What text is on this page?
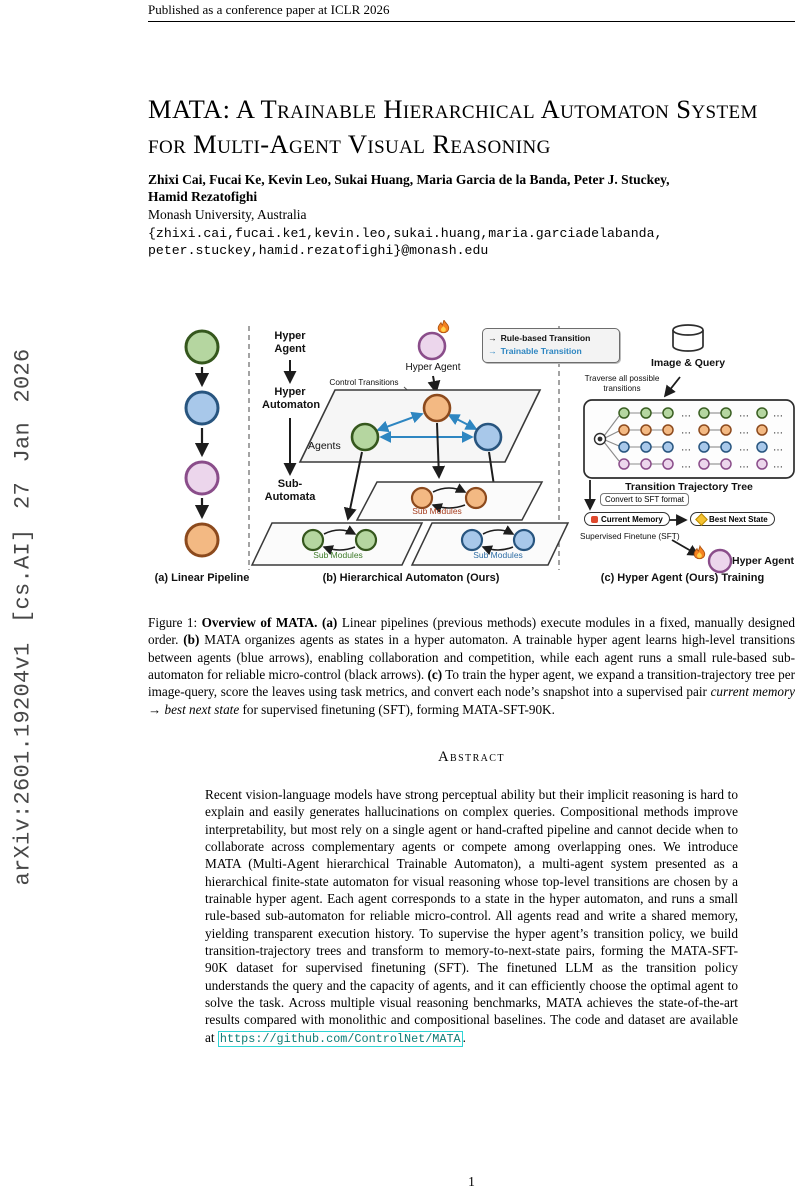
arXiv:2601.19204v1 [cs.AI] 27 Jan 2026
Published as a conference paper at ICLR 2026
MATA: A Trainable Hierarchical Automaton System for Multi-Agent Visual Reasoning
Zhixi Cai, Fucai Ke, Kevin Leo, Sukai Huang, Maria Garcia de la Banda, Peter J. Stuckey,
Hamid Rezatofighi
Monash University, Australia
{zhixi.cai,fucai.ke1,kevin.leo,sukai.huang,maria.garciadelabanda,
peter.stuckey,hamid.rezatofighi}@monash.edu
…	… …
…	… …
…	… …
…	… …
(a) Linear Pipeline
Hyper Agent
Hyper Automaton
Sub-Automata
Hyper Agent
Control Transitions
Agents
→ Rule-based Transition
→ Trainable Transition
Sub Modules
Sub Modules	Sub Modules
(b) Hierarchical Automaton (Ours)
Image & Query
Traverse all possible transitions
Transition Trajectory Tree
Convert to SFT format
Current Memory	Best Next State
Supervised Finetune (SFT)
Hyper Agent
(c) Hyper Agent (Ours) Training

Figure 1: Overview of MATA. (a) Linear pipelines (previous methods) execute modules in a fixed, manually designed order. (b) MATA organizes agents as states in a hyper automaton. A trainable hyper agent learns high-level transitions between agents (blue arrows), enabling collaboration and competition, while each agent runs a small rule-based sub-automaton for reliable micro-control (black arrows). (c) To train the hyper agent, we expand a transition-trajectory tree per image-query, score the leaves using task metrics, and convert each node’s snapshot into a supervised pair current memory → best next state for supervised finetuning (SFT), forming MATA-SFT-90K.

Abstract
Recent vision-language models have strong perceptual ability but their implicit reasoning is hard to explain and easily generates hallucinations on complex queries. Compositional methods improve interpretability, but most rely on a single agent or hand-crafted pipeline and cannot decide when to collaborate across complementary agents or compete among overlapping ones. We introduce MATA (Multi-Agent hierarchical Trainable Automaton), a multi-agent system presented as a hierarchical finite-state automaton for visual reasoning whose top-level transitions are chosen by a trainable hyper agent. Each agent corresponds to a state in the hyper automaton, and runs a small rule-based sub-automaton for reliable micro-control. All agents read and write a shared memory, yielding transparent execution history. To supervise the hyper agent’s transition policy, we build transition-trajectory trees and transform to memory-to-next-state pairs, forming the MATA-SFT-90K dataset for supervised finetuning (SFT). The finetuned LLM as the transition policy understands the query and the capacity of agents, and it can efficiently choose the optimal agent to solve the task. Across multiple visual reasoning benchmarks, MATA achieves the state-of-the-art results compared with monolithic and compositional baselines. The code and dataset are available at https://github.com/ControlNet/MATA .
1
